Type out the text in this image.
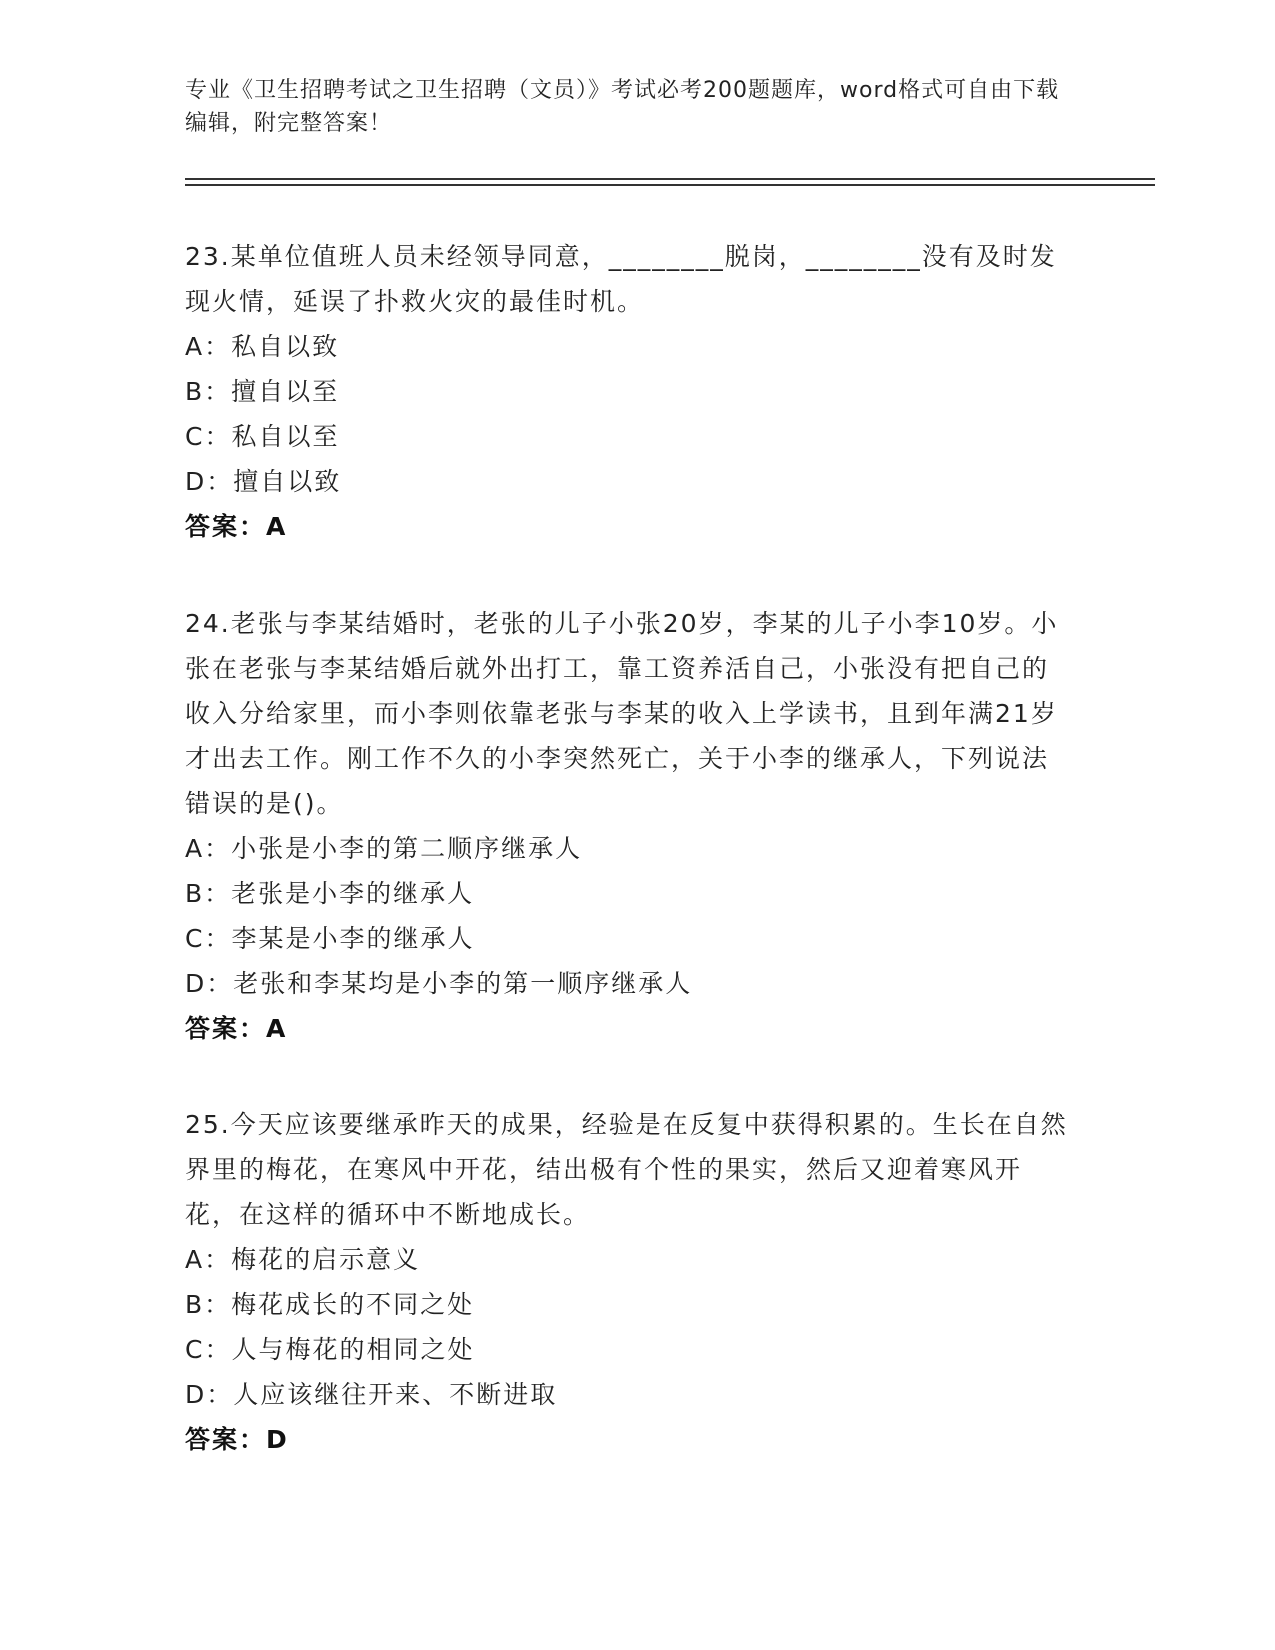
专业《卫生招聘考试之卫生招聘（文员）》考试必考200题题库，word格式可自由下载编辑，附完整答案！
23.某单位值班人员未经领导同意，________脱岗，________没有及时发现火情，延误了扑救火灾的最佳时机。
A：私自以致
B：擅自以至
C：私自以至
D：擅自以致
答案：A
24.老张与李某结婚时，老张的儿子小张20岁，李某的儿子小李10岁。小张在老张与李某结婚后就外出打工，靠工资养活自己，小张没有把自己的收入分给家里，而小李则依靠老张与李某的收入上学读书，且到年满21岁才出去工作。刚工作不久的小李突然死亡，关于小李的继承人，下列说法错误的是()。
A：小张是小李的第二顺序继承人
B：老张是小李的继承人
C：李某是小李的继承人
D：老张和李某均是小李的第一顺序继承人
答案：A
25.今天应该要继承昨天的成果，经验是在反复中获得积累的。生长在自然界里的梅花，在寒风中开花，结出极有个性的果实，然后又迎着寒风开花，在这样的循环中不断地成长。
A：梅花的启示意义
B：梅花成长的不同之处
C：人与梅花的相同之处
D：人应该继往开来、不断进取
答案：D
